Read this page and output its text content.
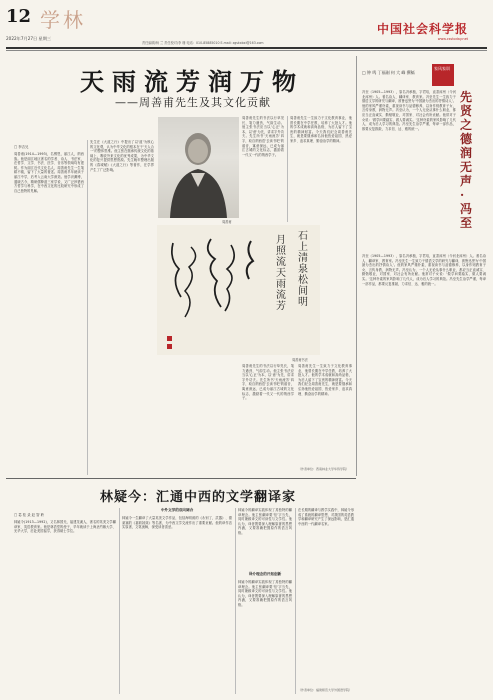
12 学林
2022年7月27日 星期三
责任编辑/杨 兰 责任校对/李 珊 电话：010-85885010 E-mail: zgskxbxl@163.com
中国社会科学报
www.csstoday.net
天雨流芳润万物
——周善甫先生及其文化贡献
□ 李吉兄
周善甫(1914—1993)，名锡恩，丽江人，纳西族。他是丽江地区著名的学者、诗人、书法家，在哲学、文学、书法、医学、音乐等领域均有建树。作为丽江近代文化名人，周善甫先生一生笔耕不辍，留下了大量的著述。周善甫早年就读于丽江中学，后考入云南大学深造。他学识渊博，通晓古今，精研儒释道三家学说，又广泛涉猎西方哲学与科学，在中西文化的比较研究中形成了自己独特的见解。
先生在《大道之行》中提出了以'道'为核心的文化观，认为中华文化的根本在于'天人合一'的整体思维。他主张在继承传统文化的基础上，吸收外来文化的优秀成果，为中华文化的复兴提供思想资源。先生晚年整理出版的《春城赋》《大道之行》等著作，在学界产生了广泛影响。
周善甫
周善甫先生的书法以行草见长，笔力遒劲，气韵生动。他主张书法应当以'心正'为本，以'意'为先，讲求字外功夫。先生所书'天雨流芳'四字，取自纳西语'去读书吧'的谐音，寓意深远，已成为丽江古城的文化标志，激励着一代又一代的纳西学子。
周善甫先生一生致力于文化教育事业，他曾长期在中学任教，培养了大批人才。他的学术成就和高尚品格，为后人留下了宝贵的精神财富。今天我们纪念周善甫先生，就是要继承和弘扬他热爱祖国、热爱家乡、追求真理、勤奋治学的精神。
石
上
清
泉
松
间
明
月
照
流
天
雨
流
芳
周善甫书法
周善甫先生的书法以行草见长，笔力遒劲，气韵生动。他主张书法应当以'心正'为本，以'意'为先，讲求字外功夫。先生所书'天雨流芳'四字，取自纳西语'去读书吧'的谐音，寓意深远，已成为丽江古城的文化标志，激励着一代又一代的纳西学子。
周善甫先生一生致力于文化教育事业，他曾长期在中学任教，培养了大批人才。他的学术成就和高尚品格，为后人留下了宝贵的精神财富。今天我们纪念周善甫先生，就是要继承和弘扬他热爱祖国、热爱家乡、追求真理、勤奋治学的精神。
（作者单位：西南林业大学华侨学院）
□ 钟 鸣 丁福刚 何 大 峰 撰稿
家风家训
先贤之德润无声·冯至
冯至（1905—1993），原名冯承植，字君培，直隶涿州（今河北涿州）人。著名诗人、翻译家、教育家。冯至先生一生致力于德语文学的研究与翻译，被鲁迅誉为'中国最为杰出的抒情诗人'。他的家风严谨朴素，重视读书与品德修养，以身作则教育子女，言传身教，润物无声。冯至认为，一个人无论从事什么职业，都应当正直诚实、勤勉敬业，对国家、对社会有所贡献。他常对子女说：'做学问要踏实，做人要诚实。'这种朴素的家风影响了几代人，成为后人学习的典范。冯至先生治学严谨，每译一部作品，都要反复推敲，力求信、达、雅的统一。
冯至（1905—1993），原名冯承植，字君培，直隶涿州（今河北涿州）人。著名诗人、翻译家、教育家。冯至先生一生致力于德语文学的研究与翻译，被鲁迅誉为'中国最为杰出的抒情诗人'。他的家风严谨朴素，重视读书与品德修养，以身作则教育子女，言传身教，润物无声。冯至认为，一个人无论从事什么职业，都应当正直诚实、勤勉敬业，对国家、对社会有所贡献。他常对子女说：'做学问要踏实，做人要诚实。'这种朴素的家风影响了几代人，成为后人学习的典范。冯至先生治学严谨，每译一部作品，都要反复推敲，力求信、达、雅的统一。
林疑今：汇通中西的文学翻译家
□ 葛 桂 录 赵 智 聆
林疑今(1913—1992)，又名林国光，福建龙溪人，著名的英美文学翻译家、英语教育家。他是林语堂的侄子，早年就读于上海圣约翰大学、光华大学，后赴美国留学，获得硕士学位。
中外文学的双向调合
林疑今一生翻译了大量英美文学作品，包括海明威的《永别了，武器》、德莱塞的《嘉莉妹妹》等名著，为中西文学交流作出了重要贡献。他的译作忠实原著，文笔流畅，深受读者喜爱。
林疑今的翻译实践体现了其独特的翻译理念。他主张翻译要'信'字当先，同时兼顾译文的可读性与文学性。他认为，译者既要深入理解原著的思想内涵，又要准确把握原作的语言风格。
译介理念的开拓创新
林疑今的翻译实践体现了其独特的翻译理念。他主张翻译要'信'字当先，同时兼顾译文的可读性与文学性。他认为，译者既要深入理解原著的思想内涵，又要准确把握原作的语言风格。
在长期的翻译与教学实践中，林疑今形成了系统的翻译思想，对我国的英语教学和翻译研究产生了深远影响，是汇通中西的一代翻译名家。
（作者单位：福建师范大学外国语学院）
